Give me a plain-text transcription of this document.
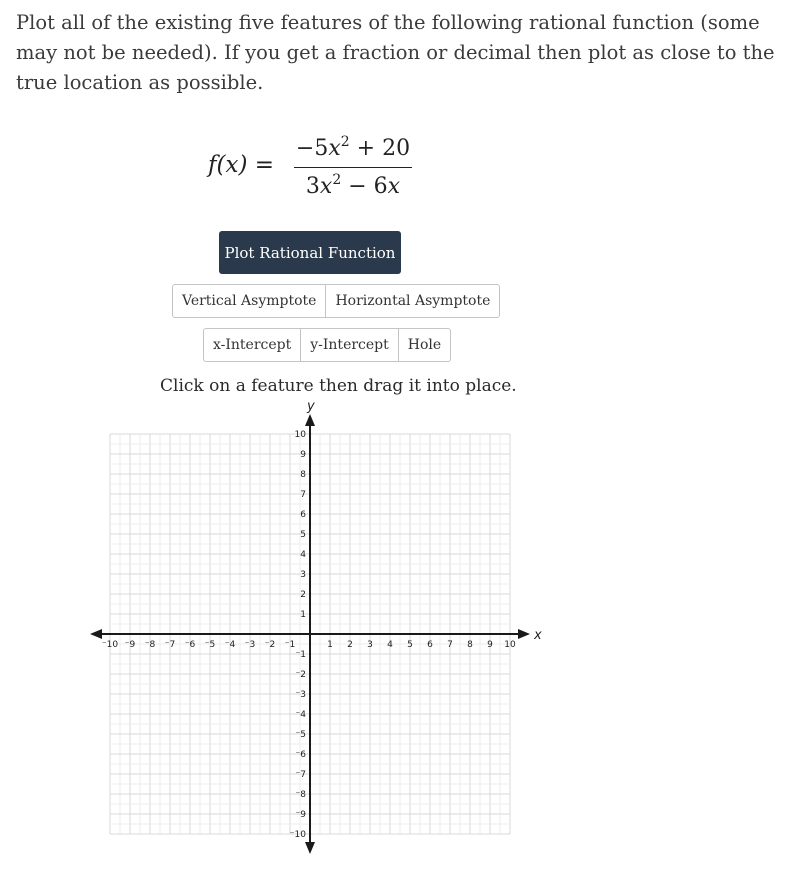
Plot all of the existing five features of the following rational function (some may not be needed). If you get a fraction or decimal then plot as close to the true location as possible.

f(x) =
$-5x^2 + 20$
$3x^2 - 6x$
Plot Rational Function
Vertical Asymptote	Horizontal Asymptote
x-Intercept	y-Intercept	Hole

Click on a feature then drag it into place.

x
y
⁻10 ⁻9 ⁻8 ⁻7 ⁻6 ⁻5 ⁻4 ⁻3 ⁻2 ⁻1	1 2 3 4 5 6 7 8 9 10
⁻10
⁻9
⁻8
⁻7
⁻6
⁻5
⁻4
⁻3
⁻2
⁻1
1
2
3
4
5
6
7
8
9
10
